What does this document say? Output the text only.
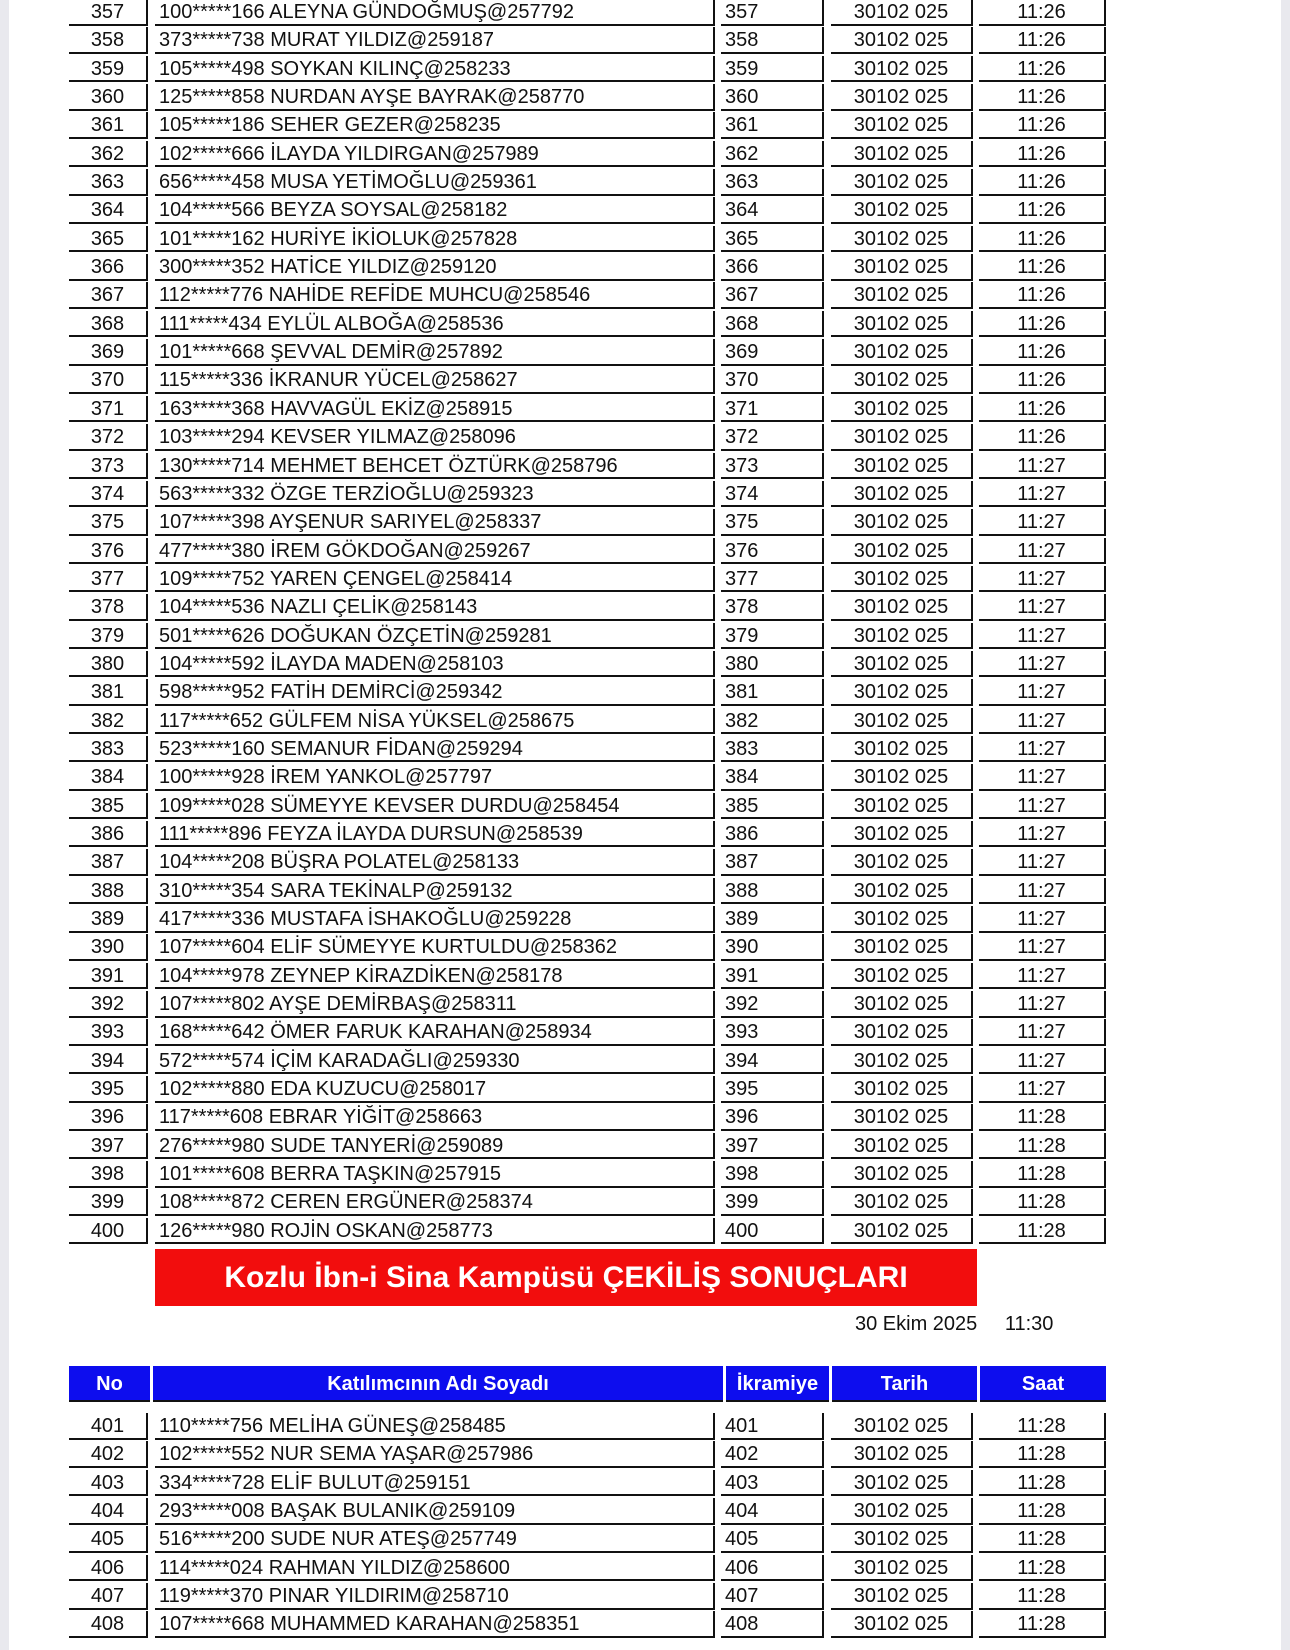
357	100*****166 ALEYNA GÜNDOĞMUŞ@257792	357	30102 025	11:26
358	373*****738 MURAT YILDIZ@259187	358	30102 025	11:26
359	105*****498 SOYKAN KILINÇ@258233	359	30102 025	11:26
360	125*****858 NURDAN AYŞE BAYRAK@258770	360	30102 025	11:26
361	105*****186 SEHER GEZER@258235	361	30102 025	11:26
362	102*****666 İLAYDA YILDIRGAN@257989	362	30102 025	11:26
363	656*****458 MUSA YETİMOĞLU@259361	363	30102 025	11:26
364	104*****566 BEYZA SOYSAL@258182	364	30102 025	11:26
365	101*****162 HURİYE İKİOLUK@257828	365	30102 025	11:26
366	300*****352 HATİCE YILDIZ@259120	366	30102 025	11:26
367	112*****776 NAHİDE REFİDE MUHCU@258546	367	30102 025	11:26
368	111*****434 EYLÜL ALBOĞA@258536	368	30102 025	11:26
369	101*****668 ŞEVVAL DEMİR@257892	369	30102 025	11:26
370	115*****336 İKRANUR YÜCEL@258627	370	30102 025	11:26
371	163*****368 HAVVAGÜL EKİZ@258915	371	30102 025	11:26
372	103*****294 KEVSER YILMAZ@258096	372	30102 025	11:26
373	130*****714 MEHMET BEHCET ÖZTÜRK@258796	373	30102 025	11:27
374	563*****332 ÖZGE TERZİOĞLU@259323	374	30102 025	11:27
375	107*****398 AYŞENUR SARIYEL@258337	375	30102 025	11:27
376	477*****380 İREM GÖKDOĞAN@259267	376	30102 025	11:27
377	109*****752 YAREN ÇENGEL@258414	377	30102 025	11:27
378	104*****536 NAZLI ÇELİK@258143	378	30102 025	11:27
379	501*****626 DOĞUKAN ÖZÇETİN@259281	379	30102 025	11:27
380	104*****592 İLAYDA MADEN@258103	380	30102 025	11:27
381	598*****952 FATİH DEMİRCİ@259342	381	30102 025	11:27
382	117*****652 GÜLFEM NİSA YÜKSEL@258675	382	30102 025	11:27
383	523*****160 SEMANUR FİDAN@259294	383	30102 025	11:27
384	100*****928 İREM YANKOL@257797	384	30102 025	11:27
385	109*****028 SÜMEYYE KEVSER DURDU@258454	385	30102 025	11:27
386	111*****896 FEYZA İLAYDA DURSUN@258539	386	30102 025	11:27
387	104*****208 BÜŞRA POLATEL@258133	387	30102 025	11:27
388	310*****354 SARA TEKİNALP@259132	388	30102 025	11:27
389	417*****336 MUSTAFA İSHAKOĞLU@259228	389	30102 025	11:27
390	107*****604 ELİF SÜMEYYE KURTULDU@258362	390	30102 025	11:27
391	104*****978 ZEYNEP KİRAZDİKEN@258178	391	30102 025	11:27
392	107*****802 AYŞE DEMİRBAŞ@258311	392	30102 025	11:27
393	168*****642 ÖMER FARUK KARAHAN@258934	393	30102 025	11:27
394	572*****574 İÇİM KARADAĞLI@259330	394	30102 025	11:27
395	102*****880 EDA KUZUCU@258017	395	30102 025	11:27
396	117*****608 EBRAR YİĞİT@258663	396	30102 025	11:28
397	276*****980 SUDE TANYERİ@259089	397	30102 025	11:28
398	101*****608 BERRA TAŞKIN@257915	398	30102 025	11:28
399	108*****872 CEREN ERGÜNER@258374	399	30102 025	11:28
400	126*****980 ROJİN OSKAN@258773	400	30102 025	11:28
Kozlu İbn-i Sina Kampüsü ÇEKİLİŞ SONUÇLARI
30 Ekim 2025 11:30
No	Katılımcının Adı Soyadı	İkramiye	Tarih	Saat
401	110*****756 MELİHA GÜNEŞ@258485	401	30102 025	11:28
402	102*****552 NUR SEMA YAŞAR@257986	402	30102 025	11:28
403	334*****728 ELİF BULUT@259151	403	30102 025	11:28
404	293*****008 BAŞAK BULANIK@259109	404	30102 025	11:28
405	516*****200 SUDE NUR ATEŞ@257749	405	30102 025	11:28
406	114*****024 RAHMAN YILDIZ@258600	406	30102 025	11:28
407	119*****370 PINAR YILDIRIM@258710	407	30102 025	11:28
408	107*****668 MUHAMMED KARAHAN@258351	408	30102 025	11:28
